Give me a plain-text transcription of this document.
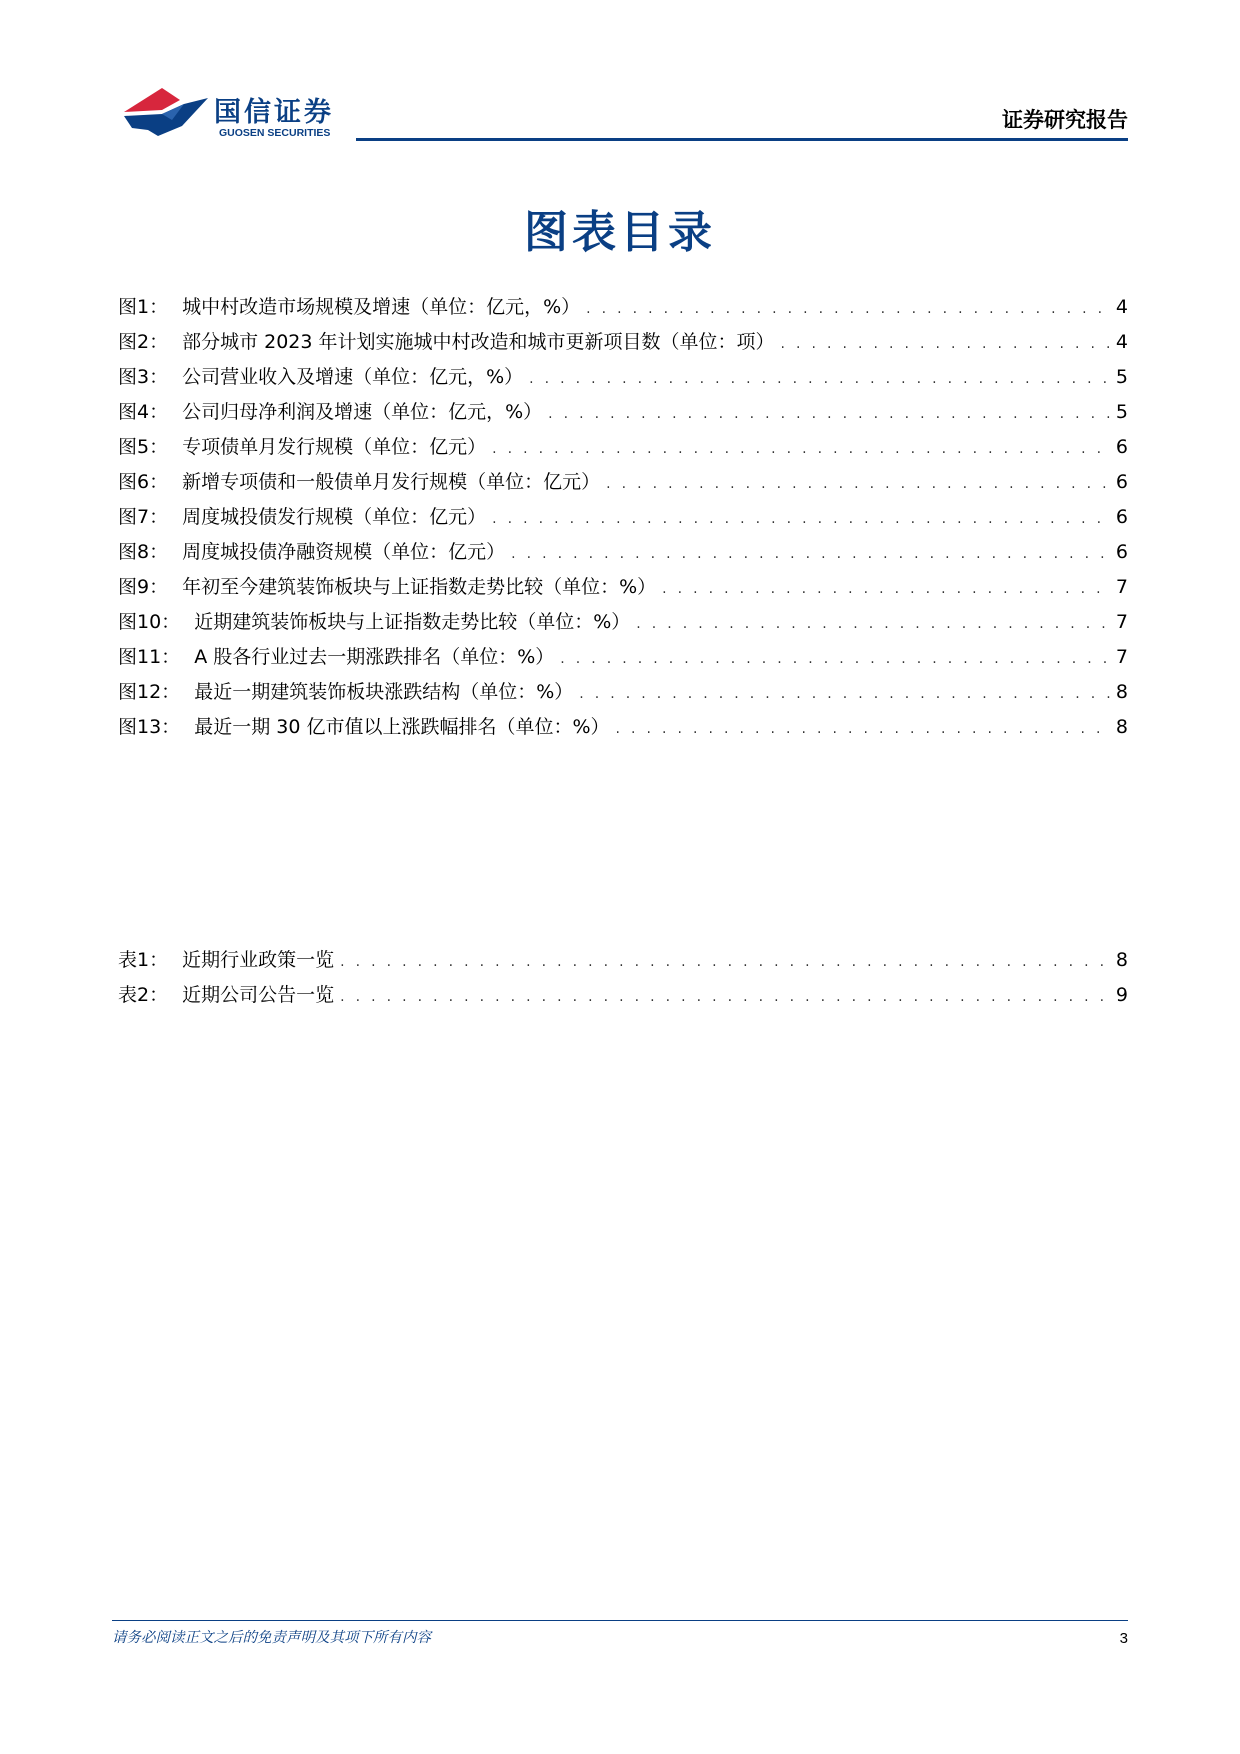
国信证券
GUOSEN SECURITIES
证券研究报告
图表目录
图1： 城中村改造市场规模及增速（单位：亿元，%） . . .	4
图2： 部分城市 2023 年计划实施城中村改造和城市更新项目数（单位：项） . . .	4
图3： 公司营业收入及增速（单位：亿元，%） . . .	5
图4： 公司归母净利润及增速（单位：亿元，%） . . .	5
图5： 专项债单月发行规模（单位：亿元） . . .	6
图6： 新增专项债和一般债单月发行规模（单位：亿元） . . .	6
图7： 周度城投债发行规模（单位：亿元） . . .	6
图8： 周度城投债净融资规模（单位：亿元） . . .	6
图9： 年初至今建筑装饰板块与上证指数走势比较（单位：%） . . .	7
图10： 近期建筑装饰板块与上证指数走势比较（单位：%） . . .	7
图11： A 股各行业过去一期涨跌排名（单位：%） . . .	7
图12： 最近一期建筑装饰板块涨跌结构（单位：%） . . .	8
图13： 最近一期 30 亿市值以上涨跌幅排名（单位：%） . . .	8
表1： 近期行业政策一览 . . .	8
表2： 近期公司公告一览 . . .	9
请务必阅读正文之后的免责声明及其项下所有内容	3
